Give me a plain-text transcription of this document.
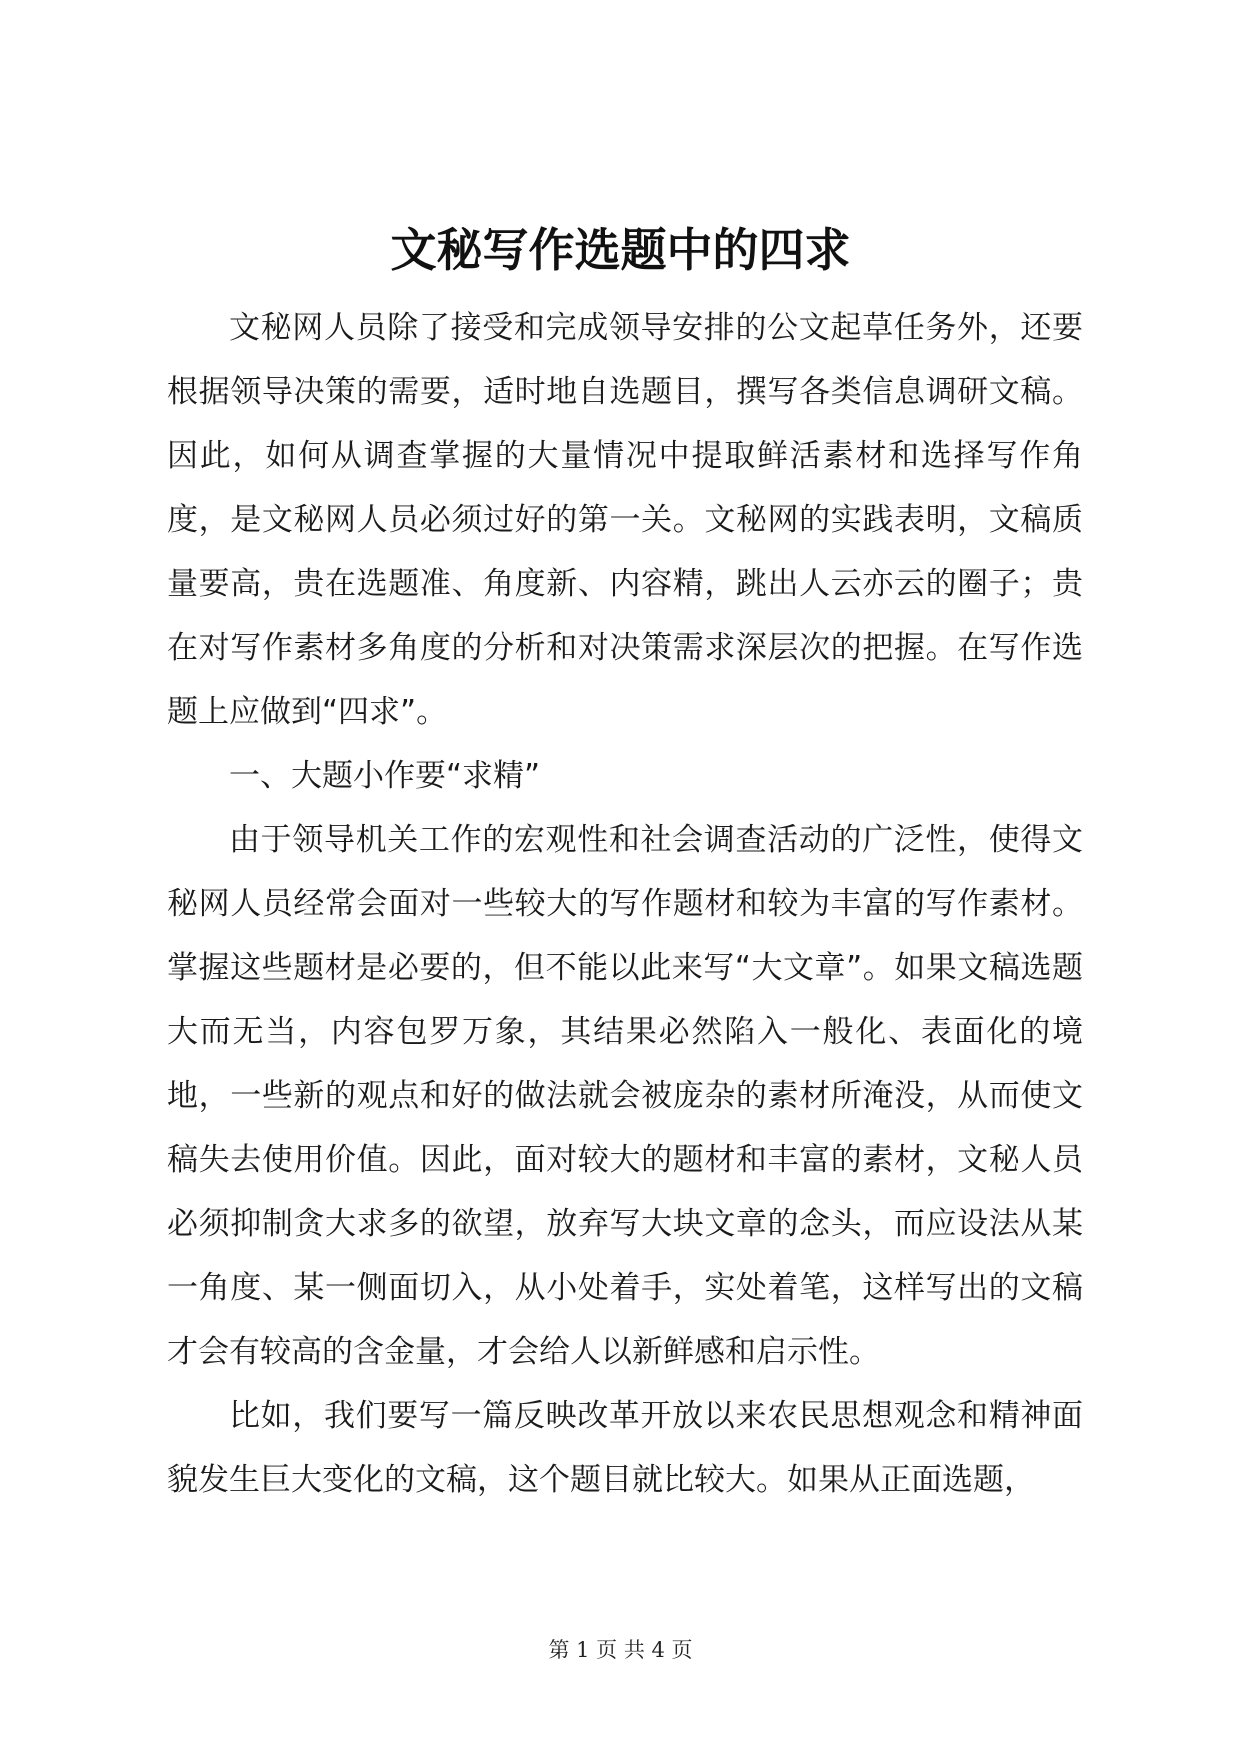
文秘写作选题中的四求

文秘网人员除了接受和完成领导安排的公文起草任务外，还要根据领导决策的需要，适时地自选题目，撰写各类信息调研文稿。因此，如何从调查掌握的大量情况中提取鲜活素材和选择写作角度，是文秘网人员必须过好的第一关。文秘网的实践表明，文稿质量要高，贵在选题准、角度新、内容精，跳出人云亦云的圈子；贵在对写作素材多角度的分析和对决策需求深层次的把握。在写作选题上应做到“四求”。

一、大题小作要“求精”

由于领导机关工作的宏观性和社会调查活动的广泛性，使得文秘网人员经常会面对一些较大的写作题材和较为丰富的写作素材。掌握这些题材是必要的，但不能以此来写“大文章”。如果文稿选题大而无当，内容包罗万象，其结果必然陷入一般化、表面化的境地，一些新的观点和好的做法就会被庞杂的素材所淹没，从而使文稿失去使用价值。因此，面对较大的题材和丰富的素材，文秘人员必须抑制贪大求多的欲望，放弃写大块文章的念头，而应设法从某一角度、某一侧面切入，从小处着手，实处着笔，这样写出的文稿才会有较高的含金量，才会给人以新鲜感和启示性。

比如，我们要写一篇反映改革开放以来农民思想观念和精神面貌发生巨大变化的文稿，这个题目就比较大。如果从正面选题，

第 1 页 共 4 页
